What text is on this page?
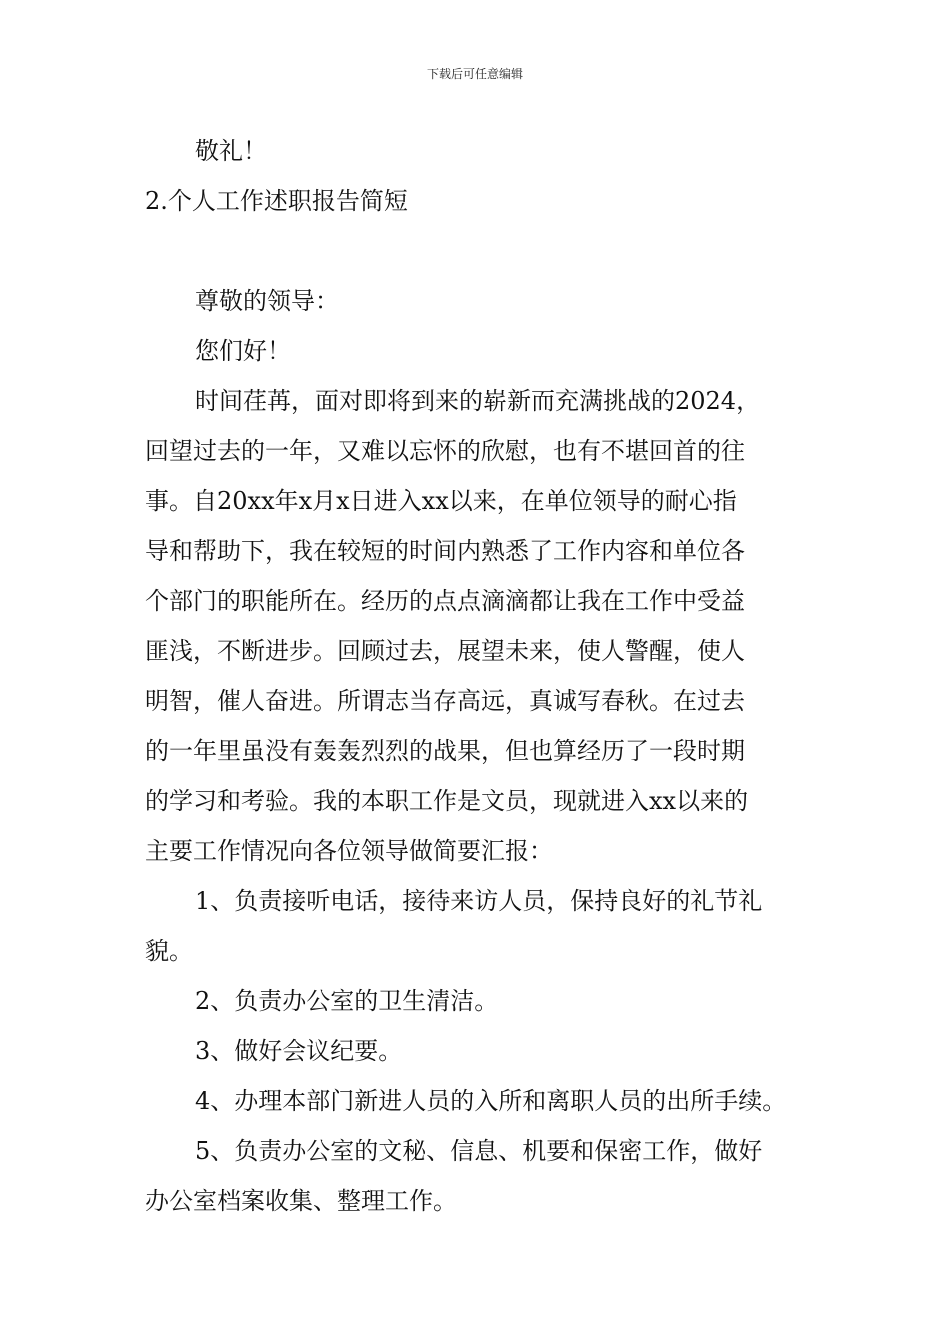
下载后可任意编辑
敬礼！
2.个人工作述职报告简短
尊敬的领导：
您们好！
时间荏苒，面对即将到来的崭新而充满挑战的2024，
回望过去的一年，又难以忘怀的欣慰，也有不堪回首的往
事。自20xx年x月x日进入xx以来，在单位领导的耐心指
导和帮助下，我在较短的时间内熟悉了工作内容和单位各
个部门的职能所在。经历的点点滴滴都让我在工作中受益
匪浅，不断进步。回顾过去，展望未来，使人警醒，使人
明智，催人奋进。所谓志当存高远，真诚写春秋。在过去
的一年里虽没有轰轰烈烈的战果，但也算经历了一段时期
的学习和考验。我的本职工作是文员，现就进入xx以来的
主要工作情况向各位领导做简要汇报：
1、负责接听电话，接待来访人员，保持良好的礼节礼
貌。
2、负责办公室的卫生清洁。
3、做好会议纪要。
4、办理本部门新进人员的入所和离职人员的出所手续。
5、负责办公室的文秘、信息、机要和保密工作，做好
办公室档案收集、整理工作。
